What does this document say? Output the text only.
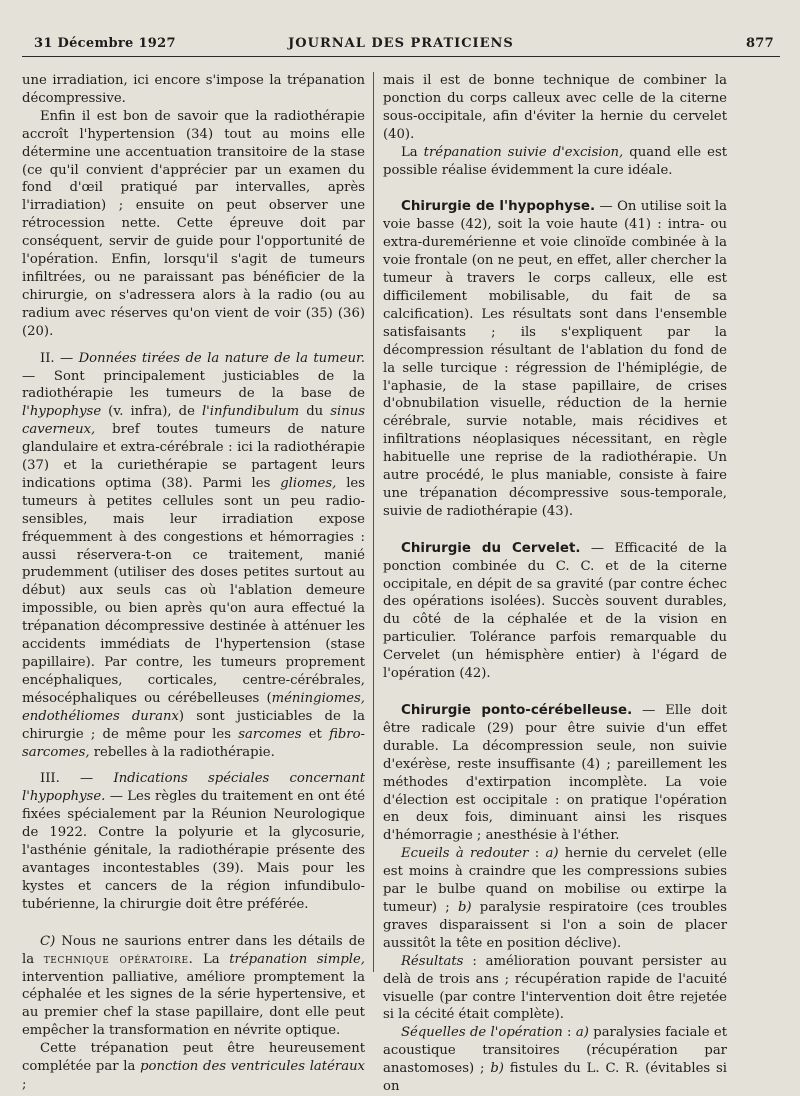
31 Décembre 1927	JOURNAL DES PRATICIENS	877

une irradiation, ici encore s'impose la trépanation décompressive.

Enfin il est bon de savoir que la radiothérapie accroît l'hypertension (34) tout au moins elle détermine une accentuation transitoire de la stase (ce qu'il convient d'apprécier par un examen du fond d'œil pratiqué par intervalles, après l'irradiation) ; ensuite on peut observer une rétrocession nette. Cette épreuve doit par conséquent, servir de guide pour l'opportunité de l'opération. Enfin, lorsqu'il s'agit de tumeurs infiltrées, ou ne paraissant pas bénéficier de la chirurgie, on s'adressera alors à la radio (ou au radium avec réserves qu'on vient de voir (35) (36) (20).

II. — Données tirées de la nature de la tumeur. — Sont principalement justiciables de la radiothérapie les tumeurs de la base de l'hypophyse (v. infra), de l'infundibulum du sinus caverneux, bref toutes tumeurs de nature glandulaire et extra-cérébrale : ici la radiothérapie (37) et la curiethérapie se partagent leurs indications optima (38). Parmi les gliomes, les tumeurs à petites cellules sont un peu radio-sensibles, mais leur irradiation expose fréquemment à des congestions et hémorragies : aussi réservera-t-on ce traitement, manié prudemment (utiliser des doses petites surtout au début) aux seuls cas où l'ablation demeure impossible, ou bien après qu'on aura effectué la trépanation décompressive destinée à atténuer les accidents immédiats de l'hypertension (stase papillaire). Par contre, les tumeurs proprement encéphaliques, corticales, centre-cérébrales, mésocéphaliques ou cérébelleuses (méningiomes, endothéliomes duranx) sont justiciables de la chirurgie ; de même pour les sarcomes et fibro-sarcomes, rebelles à la radiothérapie.

III. — Indications spéciales concernant l'hypophyse. — Les règles du traitement en ont été fixées spécialement par la Réunion Neurologique de 1922. Contre la polyurie et la glycosurie, l'asthénie génitale, la radiothérapie présente des avantages incontestables (39). Mais pour les kystes et cancers de la région infundibulo-tubérienne, la chirurgie doit être préférée.

C) Nous ne saurions entrer dans les détails de la technique opératoire. La trépanation simple, intervention palliative, améliore promptement la céphalée et les signes de la série hypertensive, et au premier chef la stase papillaire, dont elle peut empêcher la transformation en névrite optique.

Cette trépanation peut être heureusement complétée par la ponction des ventricules latéraux ;

mais il est de bonne technique de combiner la ponction du corps calleux avec celle de la citerne sous-occipitale, afin d'éviter la hernie du cervelet (40).

La trépanation suivie d'excision, quand elle est possible réalise évidemment la cure idéale.

Chirurgie de l'hypophyse. — On utilise soit la voie basse (42), soit la voie haute (41) : intra- ou extra-duremérienne et voie clinoïde combinée à la voie frontale (on ne peut, en effet, aller chercher la tumeur à travers le corps calleux, elle est difficilement mobilisable, du fait de sa calcification). Les résultats sont dans l'ensemble satisfaisants ; ils s'expliquent par la décompression résultant de l'ablation du fond de la selle turcique : régression de l'hémiplégie, de l'aphasie, de la stase papillaire, de crises d'obnubilation visuelle, réduction de la hernie cérébrale, survie notable, mais récidives et infiltrations néoplasiques nécessitant, en règle habituelle une reprise de la radiothérapie. Un autre procédé, le plus maniable, consiste à faire une trépanation décompressive sous-temporale, suivie de radiothérapie (43).

Chirurgie du Cervelet. — Efficacité de la ponction combinée du C. C. et de la citerne occipitale, en dépit de sa gravité (par contre échec des opérations isolées). Succès souvent durables, du côté de la céphalée et de la vision en particulier. Tolérance parfois remarquable du Cervelet (un hémisphère entier) à l'égard de l'opération (42).

Chirurgie ponto-cérébelleuse. — Elle doit être radicale (29) pour être suivie d'un effet durable. La décompression seule, non suivie d'exérèse, reste insuffisante (4) ; pareillement les méthodes d'extirpation incomplète. La voie d'élection est occipitale : on pratique l'opération en deux fois, diminuant ainsi les risques d'hémorragie ; anesthésie à l'éther.

Ecueils à redouter : a) hernie du cervelet (elle est moins à craindre que les compressions subies par le bulbe quand on mobilise ou extirpe la tumeur) ; b) paralysie respiratoire (ces troubles graves disparaissent si l'on a soin de placer aussitôt la tête en position déclive).

Résultats : amélioration pouvant persister au delà de trois ans ; récupération rapide de l'acuité visuelle (par contre l'intervention doit être rejetée si la cécité était complète).

Séquelles de l'opération : a) paralysies faciale et acoustique transitoires (récupération par anastomoses) ; b) fistules du L. C. R. (évitables si on
